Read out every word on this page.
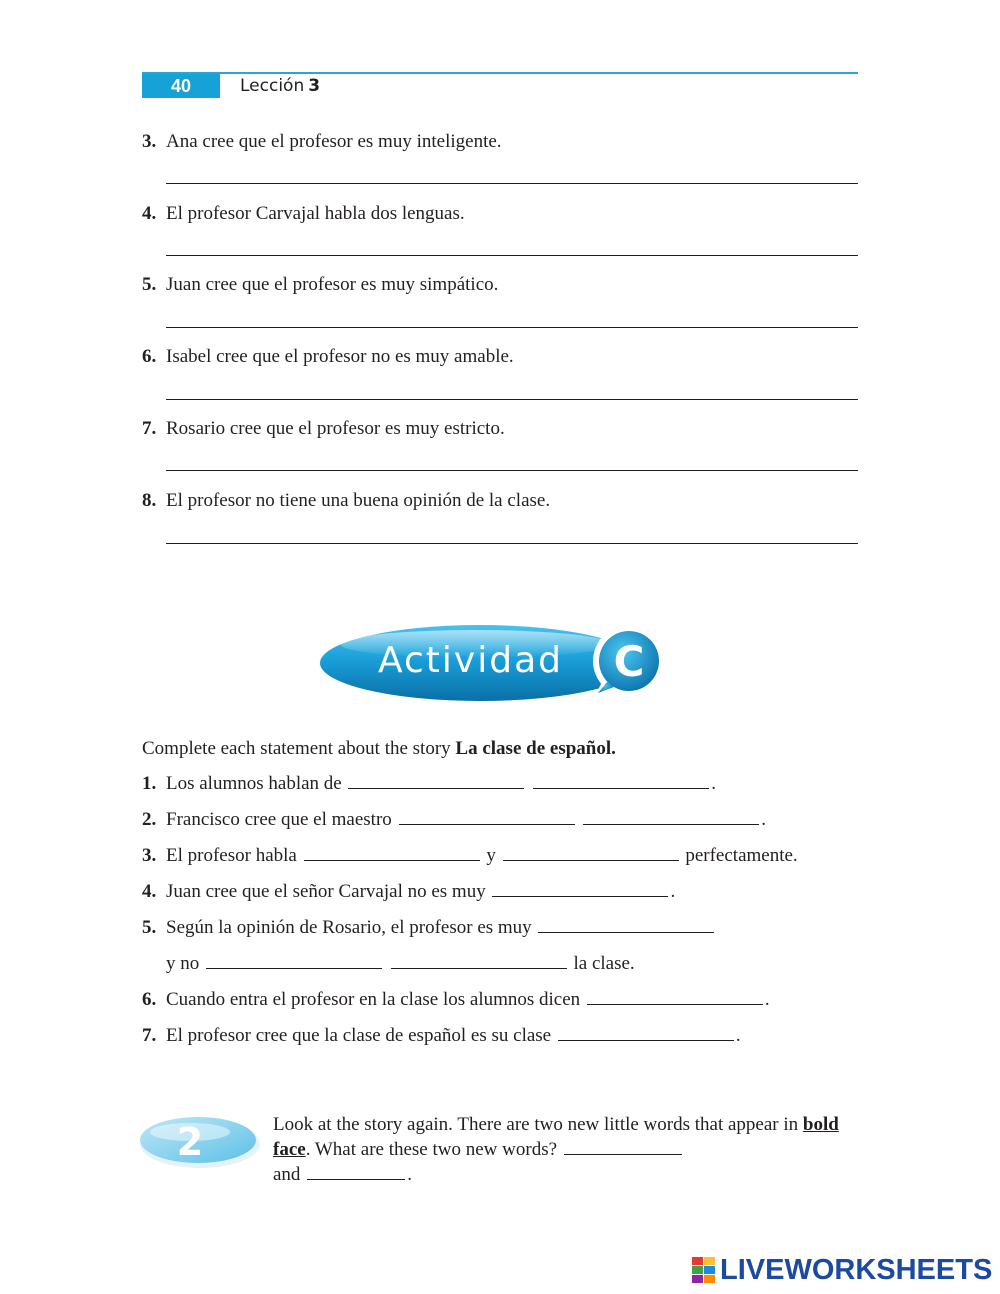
40	Lección 3
3. Ana cree que el profesor es muy inteligente.
4. El profesor Carvajal habla dos lenguas.
5. Juan cree que el profesor es muy simpático.
6. Isabel cree que el profesor no es muy amable.
7. Rosario cree que el profesor es muy estricto.
8. El profesor no tiene una buena opinión de la clase.
C
Actividad
Complete each statement about the story La clase de español.
1. Los alumnos hablan de	.
2. Francisco cree que el maestro	.
3. El profesor habla	y	perfectamente.
4. Juan cree que el señor Carvajal no es muy	.
5. Según la opinión de Rosario, el profesor es muy
y no	la clase.
6. Cuando entra el profesor en la clase los alumnos dicen	.
7. El profesor cree que la clase de español es su clase	.
2	Look at the story again. There are two new little words that appear in bold face. What are these two new words?
and	.
LIVEWORKSHEETS
